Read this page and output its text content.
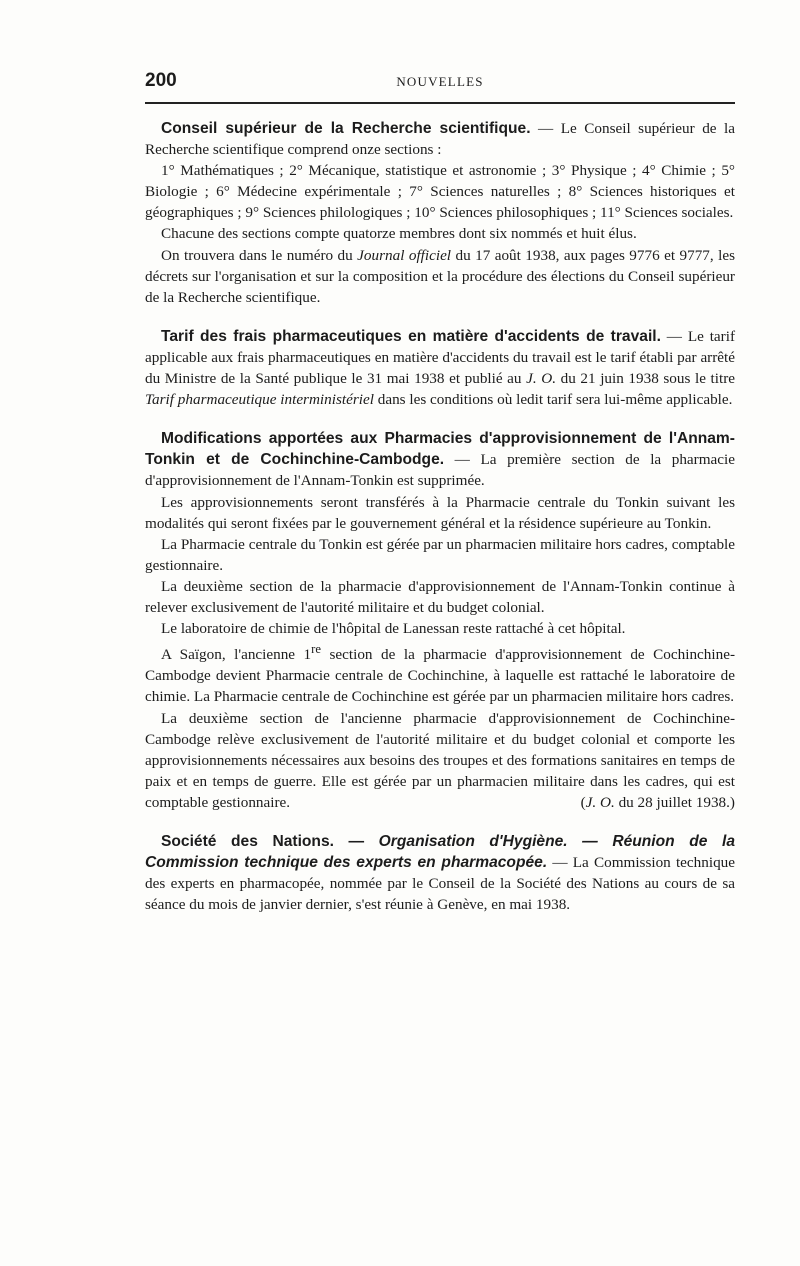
200	NOUVELLES

Conseil supérieur de la Recherche scientifique. — Le Conseil supérieur de la Recherche scientifique comprend onze sections :

1° Mathématiques ; 2° Mécanique, statistique et astronomie ; 3° Physique ; 4° Chimie ; 5° Biologie ; 6° Médecine expérimentale ; 7° Sciences naturelles ; 8° Sciences historiques et géographiques ; 9° Sciences philologiques ; 10° Sciences philosophiques ; 11° Sciences sociales.

Chacune des sections compte quatorze membres dont six nommés et huit élus.

On trouvera dans le numéro du Journal officiel du 17 août 1938, aux pages 9776 et 9777, les décrets sur l'organisation et sur la composition et la procédure des élections du Conseil supérieur de la Recherche scientifique.

Tarif des frais pharmaceutiques en matière d'accidents de travail. — Le tarif applicable aux frais pharmaceutiques en matière d'accidents du travail est le tarif établi par arrêté du Ministre de la Santé publique le 31 mai 1938 et publié au J. O. du 21 juin 1938 sous le titre Tarif pharmaceutique interministériel dans les conditions où ledit tarif sera lui-même applicable.

Modifications apportées aux Pharmacies d'approvisionnement de l'Annam-Tonkin et de Cochinchine-Cambodge. — La première section de la pharmacie d'approvisionnement de l'Annam-Tonkin est supprimée.

Les approvisionnements seront transférés à la Pharmacie centrale du Tonkin suivant les modalités qui seront fixées par le gouvernement général et la résidence supérieure au Tonkin.

La Pharmacie centrale du Tonkin est gérée par un pharmacien militaire hors cadres, comptable gestionnaire.

La deuxième section de la pharmacie d'approvisionnement de l'Annam-Tonkin continue à relever exclusivement de l'autorité militaire et du budget colonial.

Le laboratoire de chimie de l'hôpital de Lanessan reste rattaché à cet hôpital.

A Saïgon, l'ancienne 1re section de la pharmacie d'approvisionnement de Cochinchine-Cambodge devient Pharmacie centrale de Cochinchine, à laquelle est rattaché le laboratoire de chimie. La Pharmacie centrale de Cochinchine est gérée par un pharmacien militaire hors cadres.

La deuxième section de l'ancienne pharmacie d'approvisionnement de Cochinchine-Cambodge relève exclusivement de l'autorité militaire et du budget colonial et comporte les approvisionnements nécessaires aux besoins des troupes et des formations sanitaires en temps de paix et en temps de guerre. Elle est gérée par un pharmacien militaire dans les cadres, qui est comptable gestionnaire.	(J. O. du 28 juillet 1938.)

Société des Nations. — Organisation d'Hygiène. — Réunion de la Commission technique des experts en pharmacopée. — La Commission technique des experts en pharmacopée, nommée par le Conseil de la Société des Nations au cours de sa séance du mois de janvier dernier, s'est réunie à Genève, en mai 1938.
